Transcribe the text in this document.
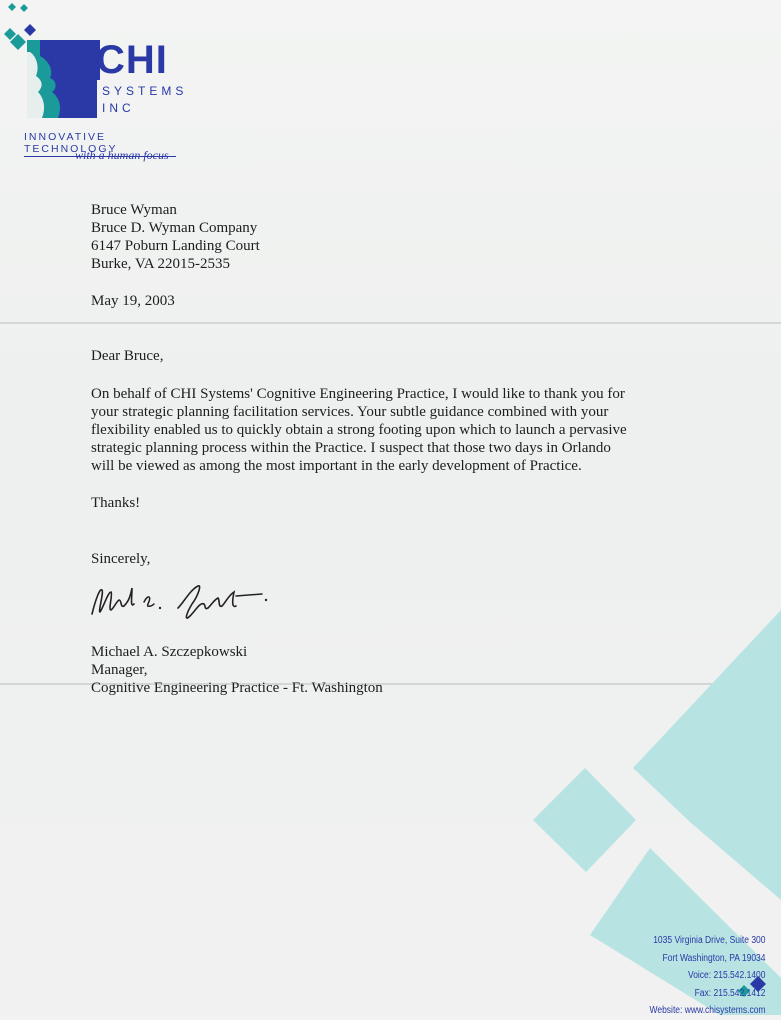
CHI
SYSTEMS
INC
INNOVATIVE TECHNOLOGY
with a human focus
Bruce Wyman
Bruce D. Wyman Company
6147 Poburn Landing Court
Burke, VA 22015-2535
May 19, 2003
Dear Bruce,
On behalf of CHI Systems' Cognitive Engineering Practice, I would like to thank you for
your strategic planning facilitation services. Your subtle guidance combined with your
flexibility enabled us to quickly obtain a strong footing upon which to launch a pervasive
strategic planning process within the Practice. I suspect that those two days in Orlando
will be viewed as among the most important in the early development of Practice.
Thanks!
Sincerely,
Michael A. Szczepkowski
Manager,
Cognitive Engineering Practice - Ft. Washington
1035 Virginia Drive, Suite 300
Fort Washington, PA 19034
Voice: 215.542.1400
Fax: 215.542.1412
Website: www.chisystems.com
